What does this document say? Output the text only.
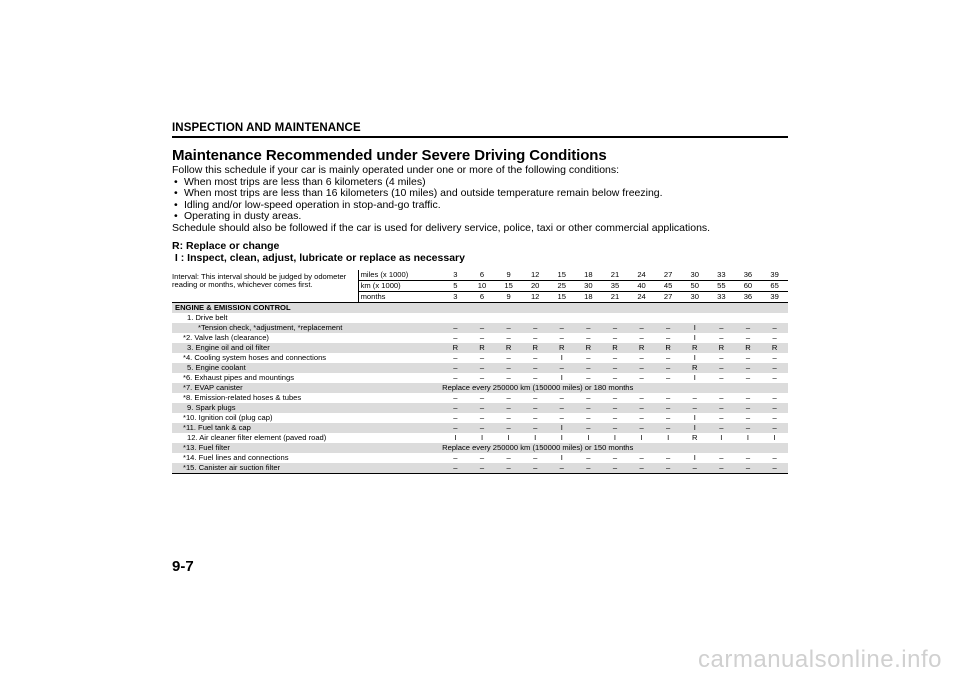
INSPECTION AND MAINTENANCE
Maintenance Recommended under Severe Driving Conditions

Follow this schedule if your car is mainly operated under one or more of the following conditions:

• When most trips are less than 6 kilometers (4 miles)
• When most trips are less than 16 kilometers (10 miles) and outside temperature remain below freezing.
• Idling and/or low-speed operation in stop-and-go traffic.
• Operating in dusty areas.

Schedule should also be followed if the car is used for delivery service, police, taxi or other commercial applications.

R: Replace or change
I : Inspect, clean, adjust, lubricate or replace as necessary
Interval: This interval should be judged by odometer reading or months, whichever comes first.	miles (x 1000)	3	6	9	12	15	18	21	24	27	30	33	36	39
	km (x 1000)	5	10	15	20	25	30	35	40	45	50	55	60	65
	months	3	6	9	12	15	18	21	24	27	30	33	36	39
ENGINE & EMISSION CONTROL														
1. Drive belt														
*Tension check, *adjustment, *replacement		–	–	–	–	–	–	–	–	–	I	–	–	–
*2. Valve lash (clearance)		–	–	–	–	–	–	–	–	–	I	–	–	–
3. Engine oil and oil filter		R	R	R	R	R	R	R	R	R	R	R	R	R
*4. Cooling system hoses and connections		–	–	–	–	I	–	–	–	–	I	–	–	–
5. Engine coolant		–	–	–	–	–	–	–	–	–	R	–	–	–
*6. Exhaust pipes and mountings		–	–	–	–	I	–	–	–	–	I	–	–	–
*7. EVAP canister		Replace every 250000 km (150000 miles) or 180 months												
*8. Emission-related hoses & tubes		–	–	–	–	–	–	–	–	–	–	–	–	–
9. Spark plugs		–	–	–	–	–	–	–	–	–	–	–	–	–
*10. Ignition coil (plug cap)		–	–	–	–	–	–	–	–	–	I	–	–	–
*11. Fuel tank & cap		–	–	–	–	I	–	–	–	–	I	–	–	–
12. Air cleaner filter element (paved road)		I	I	I	I	I	I	I	I	I	R	I	I	I
*13. Fuel filter		Replace every 250000 km (150000 miles) or 150 months												
*14. Fuel lines and connections		–	–	–	–	I	–	–	–	–	I	–	–	–
*15. Canister air suction filter		–	–	–	–	–	–	–	–	–	–	–	–	–
9-7
carmanualsonline.info
